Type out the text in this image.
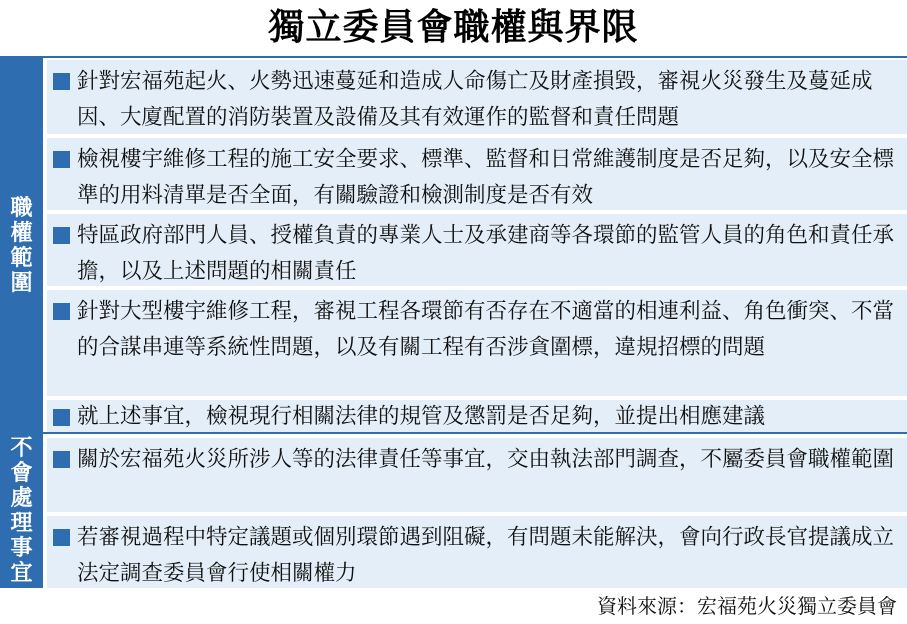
獨立委員會職權與界限
職權範圍
針對宏福苑起火、火勢迅速蔓延和造成人命傷亡及財產損毀，審視火災發生及蔓延成因、大廈配置的消防裝置及設備及其有效運作的監督和責任問題
檢視樓宇維修工程的施工安全要求、標準、監督和日常維護制度是否足夠，以及安全標準的用料清單是否全面，有關驗證和檢測制度是否有效
特區政府部門人員、授權負責的專業人士及承建商等各環節的監管人員的角色和責任承擔，以及上述問題的相關責任
針對大型樓宇維修工程，審視工程各環節有否存在不適當的相連利益、角色衝突、不當的合謀串連等系統性問題，以及有關工程有否涉貪圍標，違規招標的問題
就上述事宜，檢視現行相關法律的規管及懲罰是否足夠，並提出相應建議
不會處理事宜
關於宏福苑火災所涉人等的法律責任等事宜，交由執法部門調查，不屬委員會職權範圍
若審視過程中特定議題或個別環節遇到阻礙，有問題未能解決，會向行政長官提議成立法定調查委員會行使相關權力
資料來源：宏福苑火災獨立委員會
